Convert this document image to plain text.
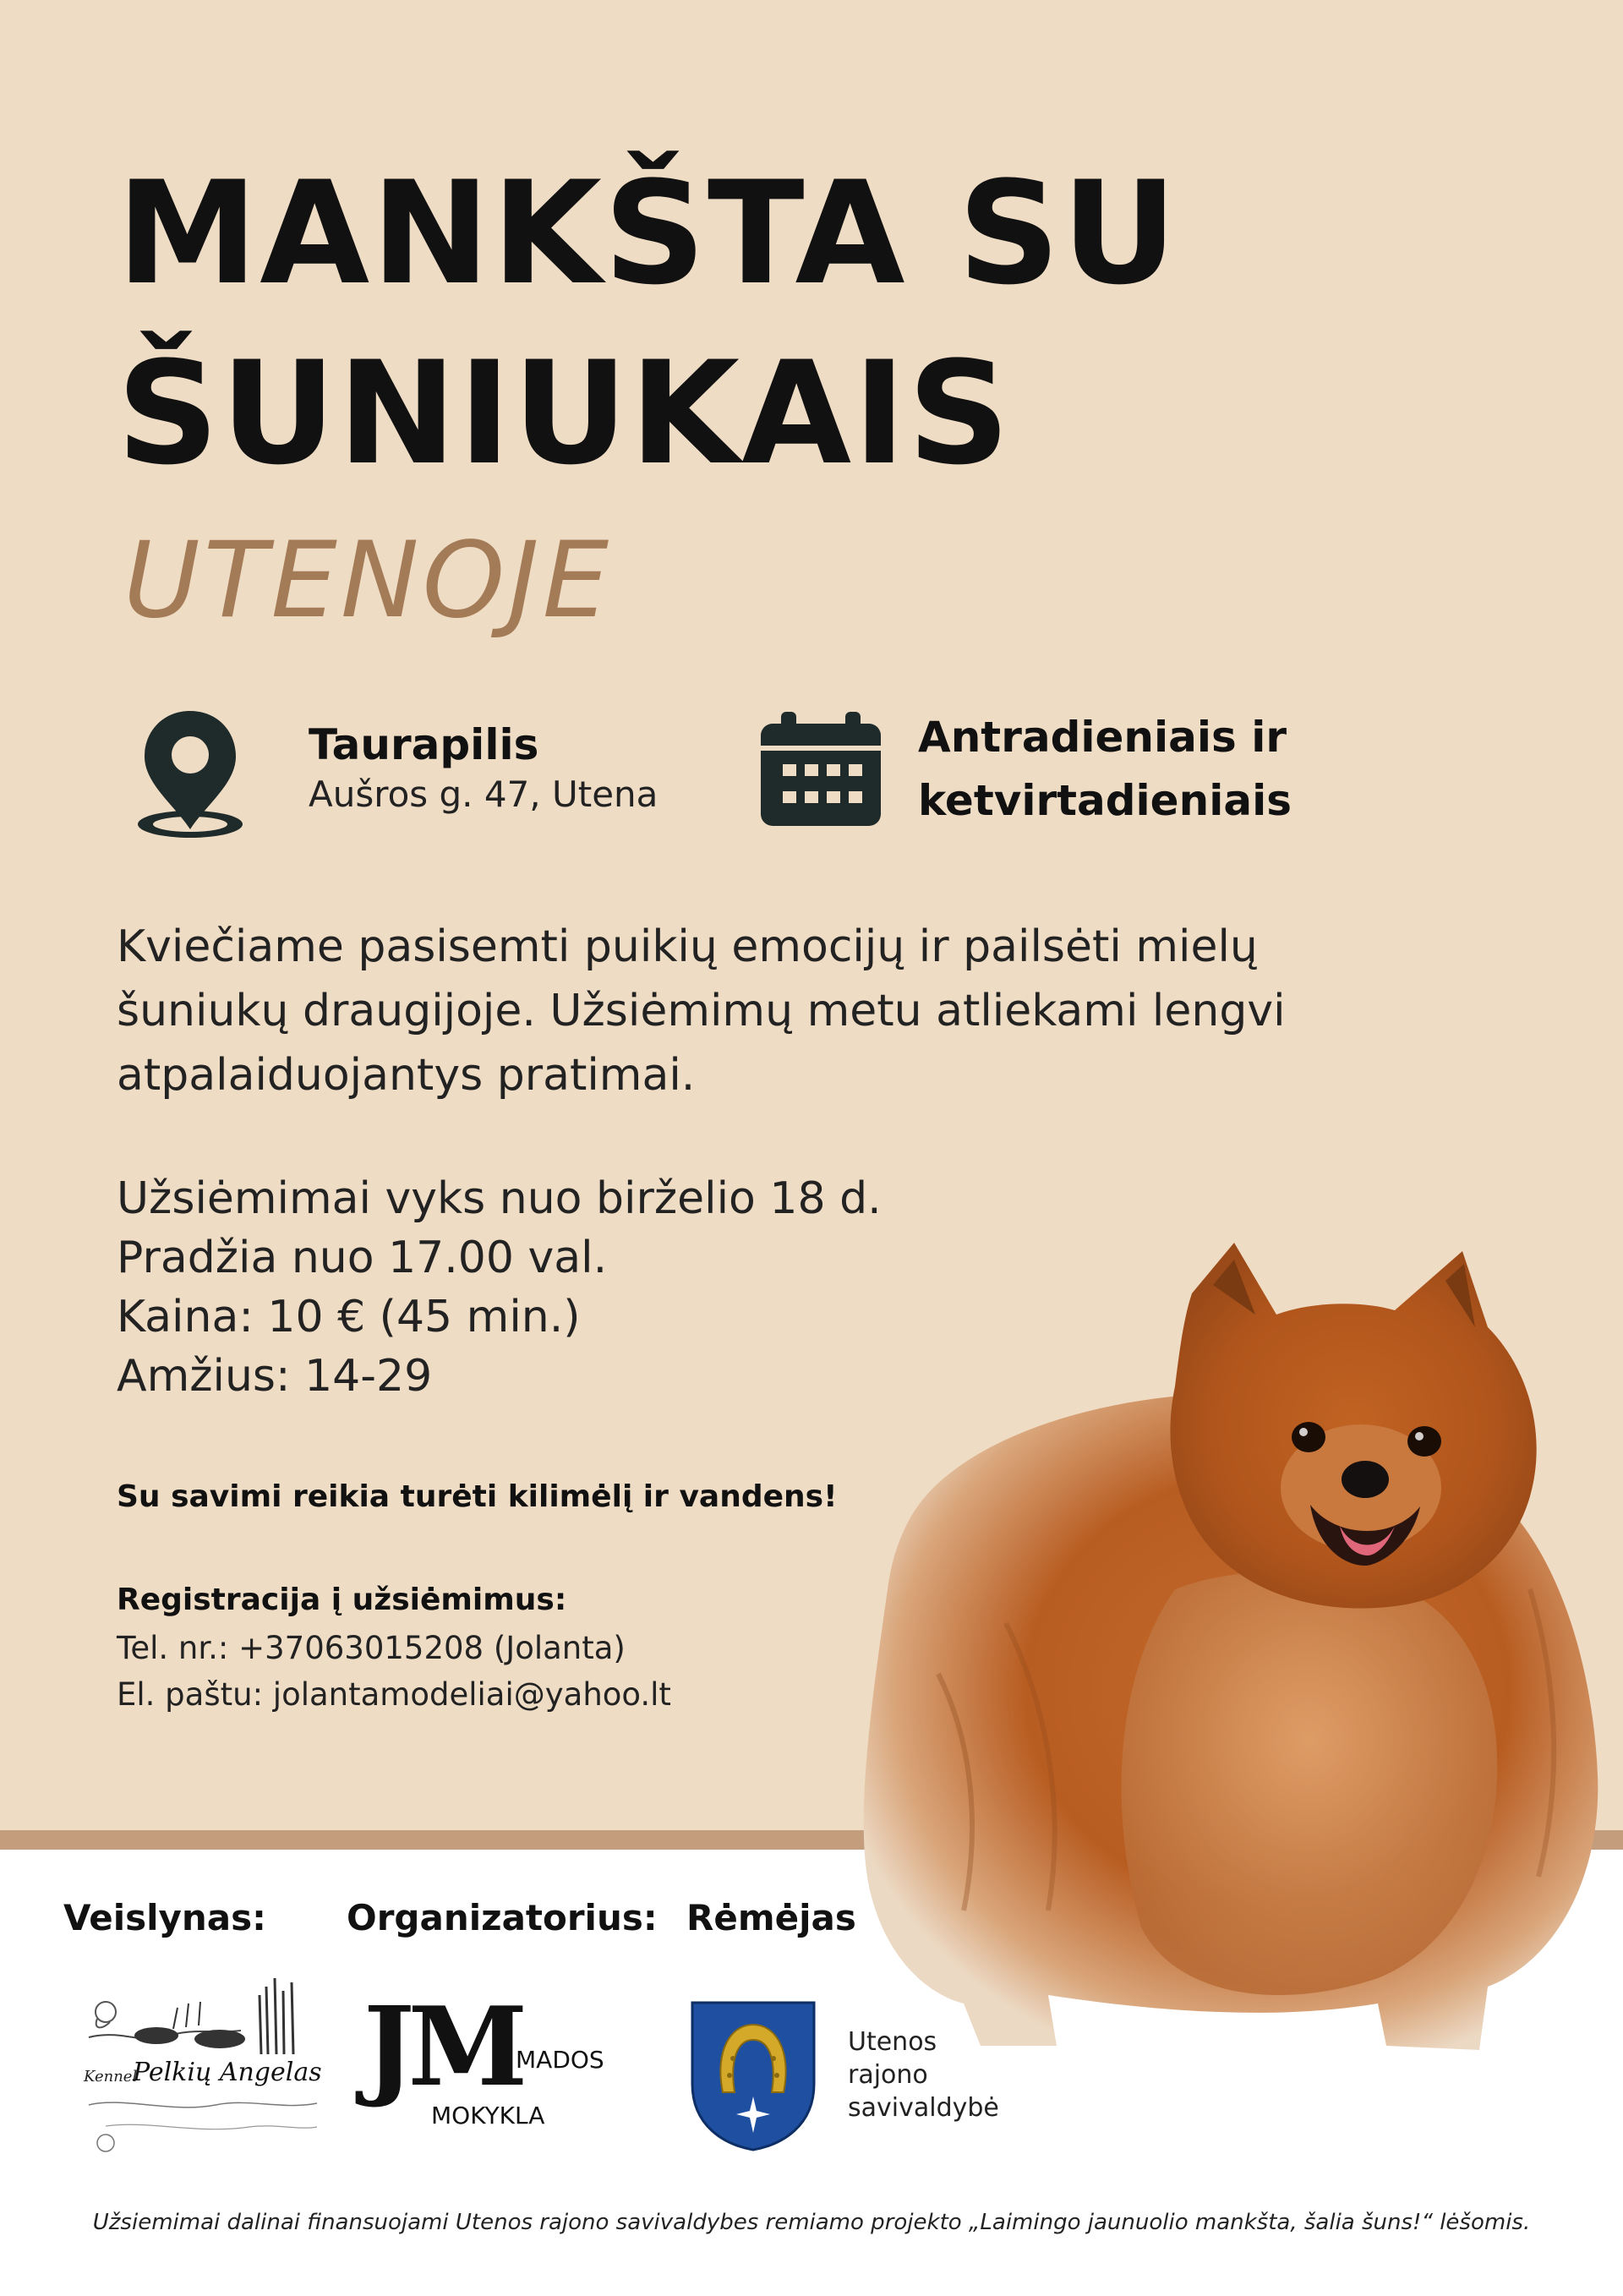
MANKŠTA SU
ŠUNIUKAIS
UTENOJE
Taurapilis
Aušros g. 47, Utena
Antradieniais ir
ketvirtadieniais
Kviečiame pasisemti puikių emocijų ir pailsėti mielų šuniukų draugijoje. Užsiėmimų metu atliekami lengvi atpalaiduojantys pratimai.
Užsiėmimai vyks nuo birželio 18 d.
Pradžia nuo 17.00 val.
Kaina: 10 € (45 min.)
Amžius: 14-29
Su savimi reikia turėti kilimėlį ir vandens!
Registracija į užsiėmimus:
Tel. nr.: +37063015208 (Jolanta)
El. paštu: jolantamodeliai@yahoo.lt
Veislynas: Organizatorius: Rėmėjas
Kennel
Pelkių Angelas JM
MADOS
MOKYKLA
Utenos
rajono
savivaldybė
Užsiemimai dalinai finansuojami Utenos rajono savivaldybes remiamo projekto „Laimingo jaunuolio mankšta, šalia šuns!“ lėšomis.
